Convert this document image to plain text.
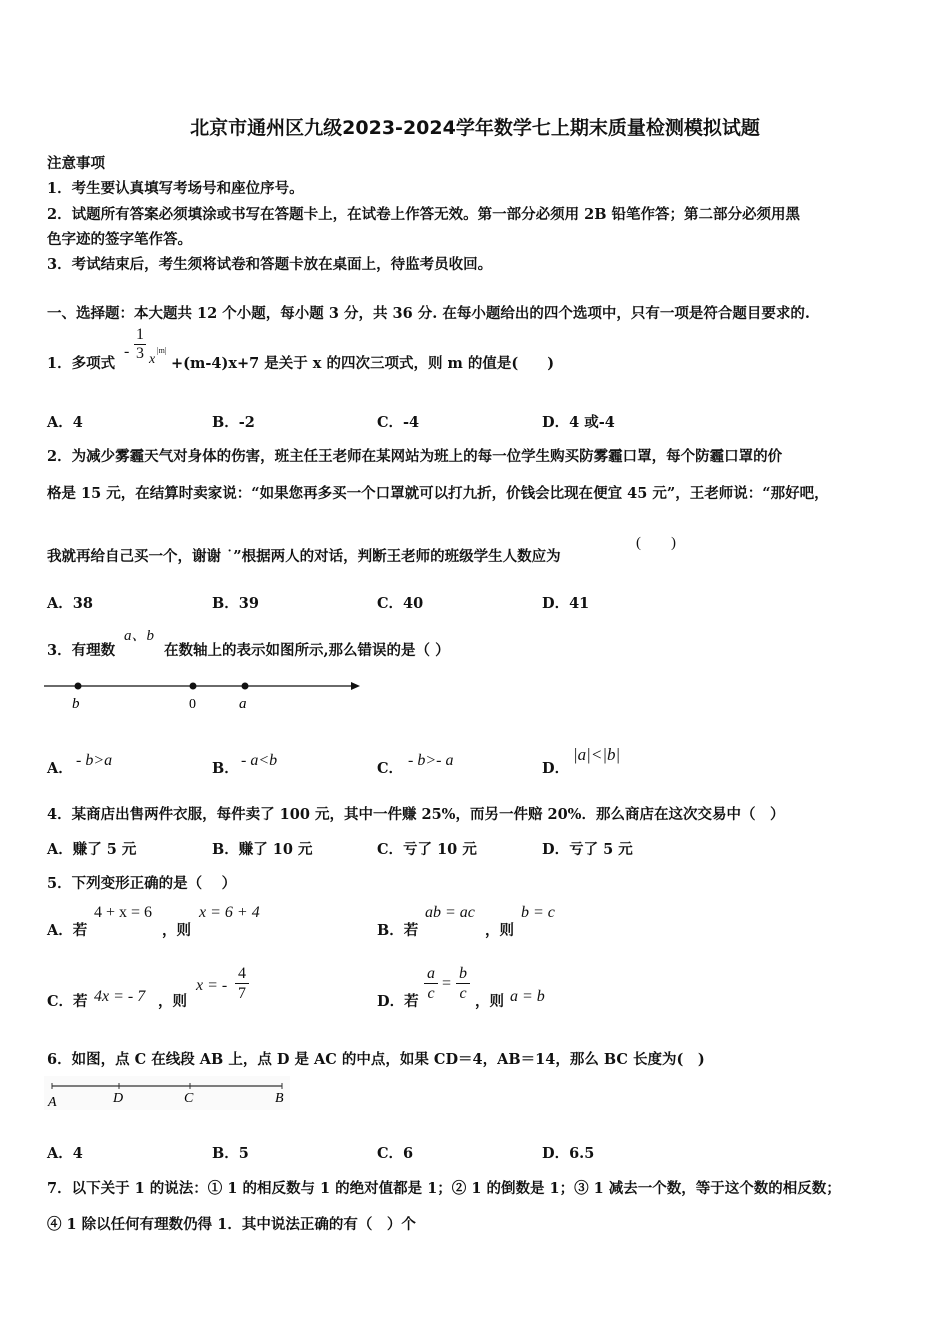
北京市通州区九级2023-2024学年数学七上期末质量检测模拟试题
注意事项
1．考生要认真填写考场号和座位序号。
2．试题所有答案必须填涂或书写在答题卡上，在试卷上作答无效。第一部分必须用 2B 铅笔作答；第二部分必须用黑
色字迹的签字笔作答。
3．考试结束后，考生须将试卷和答题卡放在桌面上，待监考员收回。
一、选择题：本大题共 12 个小题，每小题 3 分，共 36 分. 在每小题给出的四个选项中，只有一项是符合题目要求的.
1．多项式
- $\frac{1}{3}$ x
|m|
+(m-4)x+7 是关于 x 的四次三项式，则 m 的值是(　　)
A．4	B．-2	C．-4	D．4 或-4
2．为减少雾霾天气对身体的伤害，班主任王老师在某网站为班上的每一位学生购买防雾霾口罩，每个防霾口罩的价
格是 15 元，在结算时卖家说：“如果您再多买一个口罩就可以打九折，价钱会比现在便宜 45 元”，王老师说：“那好吧，
我就再给自己买一个，谢谢 ˙”根据两人的对话，判断王老师的班级学生人数应为
(　　)
A．38	B．39	C．40	D．41
3．有理数
a、b
在数轴上的表示如图所示,那么错误的是（ ）
b	0	a
A． - b>a	B． - a<b	C． - b>- a	D．
|a|<|b|
4．某商店出售两件衣服，每件卖了 100 元，其中一件赚 25%，而另一件赔 20%．那么商店在这次交易中（　）
A．赚了 5 元	B．赚了 10 元	C．亏了 10 元	D．亏了 5 元
5．下列变形正确的是（　 ）
A．若
4 + x = 6
，则
x = 6 + 4
B．若
ab = ac
，则
b = c
C．若 4x = - 7 ，则
x = - $\frac{4}{7}$	D．若
a
c
=
b
c ，则 a = b
6．如图，点 C 在线段 AB 上，点 D 是 AC 的中点，如果 CD＝4，AB＝14，那么 BC 长度为(　)
A	D	C	B
A．4	B．5	C．6	D．6.5
7．以下关于 1 的说法：① 1 的相反数与 1 的绝对值都是 1；② 1 的倒数是 1；③ 1 减去一个数，等于这个数的相反数；
④ 1 除以任何有理数仍得 1．其中说法正确的有（　）个
